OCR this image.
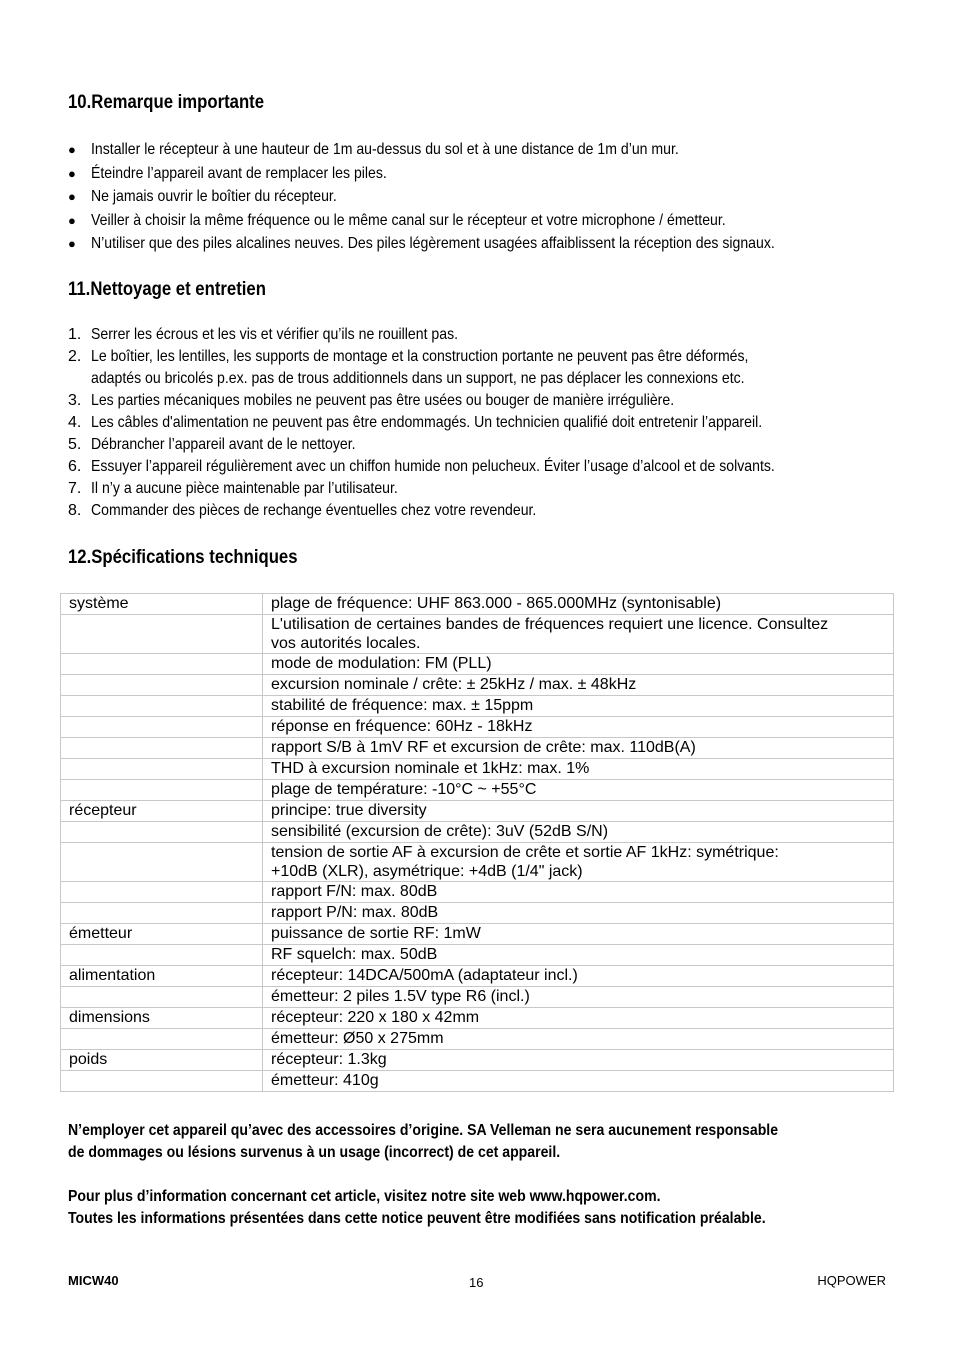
10.Remarque importante
● Installer le récepteur à une hauteur de 1m au-dessus du sol et à une distance de 1m d’un mur.
● Éteindre l’appareil avant de remplacer les piles.
● Ne jamais ouvrir le boîtier du récepteur.
● Veiller à choisir la même fréquence ou le même canal sur le récepteur et votre microphone / émetteur.
● N’utiliser que des piles alcalines neuves. Des piles légèrement usagées affaiblissent la réception des signaux.
11.Nettoyage et entretien
1. Serrer les écrous et les vis et vérifier qu’ils ne rouillent pas.
2. Le boîtier, les lentilles, les supports de montage et la construction portante ne peuvent pas être déformés,
adaptés ou bricolés p.ex. pas de trous additionnels dans un support, ne pas déplacer les connexions etc.
3. Les parties mécaniques mobiles ne peuvent pas être usées ou bouger de manière irrégulière.
4. Les câbles d'alimentation ne peuvent pas être endommagés. Un technicien qualifié doit entretenir l’appareil.
5. Débrancher l’appareil avant de le nettoyer.
6. Essuyer l’appareil régulièrement avec un chiffon humide non pelucheux. Éviter l’usage d’alcool et de solvants.
7. Il n’y a aucune pièce maintenable par l’utilisateur.
8. Commander des pièces de rechange éventuelles chez votre revendeur.
12.Spécifications techniques
système	plage de fréquence: UHF 863.000 - 865.000MHz (syntonisable)

	L'utilisation de certaines bandes de fréquences requiert une licence. Consultez
vos autorités locales.

	mode de modulation: FM (PLL)

	excursion nominale / crête: ± 25kHz / max. ± 48kHz

	stabilité de fréquence: max. ± 15ppm

	réponse en fréquence: 60Hz - 18kHz

	rapport S/B à 1mV RF et excursion de crête: max. 110dB(A)

	THD à excursion nominale et 1kHz: max. 1%

	plage de température: -10°C ~ +55°C

récepteur	principe: true diversity

	sensibilité (excursion de crête): 3uV (52dB S/N)

	tension de sortie AF à excursion de crête et sortie AF 1kHz: symétrique:
+10dB (XLR), asymétrique: +4dB (1/4" jack)

	rapport F/N: max. 80dB

	rapport P/N: max. 80dB

émetteur	puissance de sortie RF: 1mW

	RF squelch: max. 50dB

alimentation	récepteur: 14DCA/500mA (adaptateur incl.)

	émetteur: 2 piles 1.5V type R6 (incl.)

dimensions	récepteur: 220 x 180 x 42mm

	émetteur: Ø50 x 275mm

poids	récepteur: 1.3kg

	émetteur: 410g
N’employer cet appareil qu’avec des accessoires d’origine. SA Velleman ne sera aucunement responsable
de dommages ou lésions survenus à un usage (incorrect) de cet appareil.
Pour plus d’information concernant cet article, visitez notre site web www.hqpower.com.
Toutes les informations présentées dans cette notice peuvent être modifiées sans notification préalable.
MICW40	16	HQPOWER
